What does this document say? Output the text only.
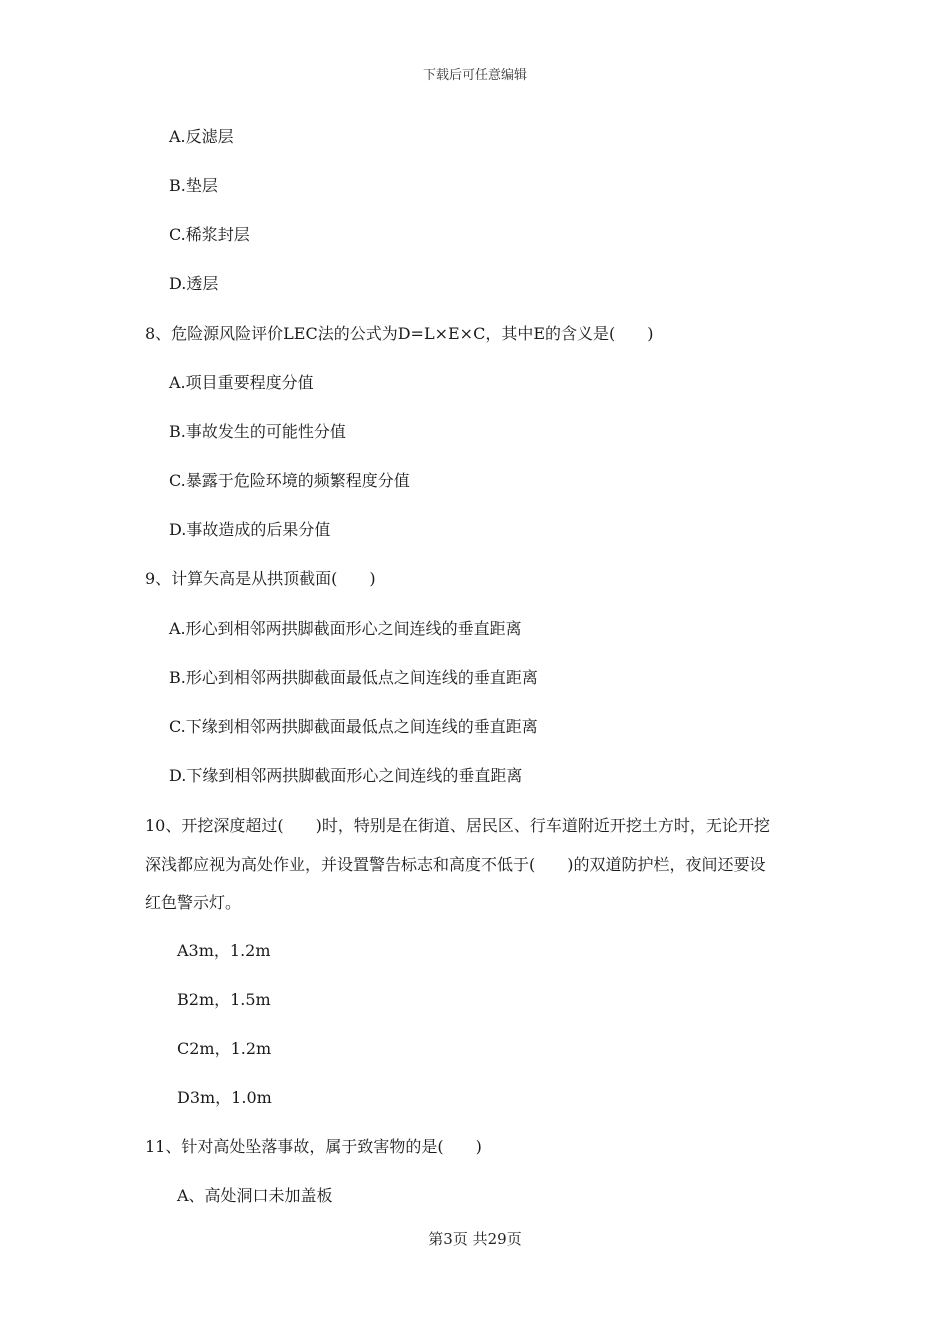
下载后可任意编辑
A.反滤层
B.垫层
C.稀浆封层
D.透层
8、危险源风险评价LEC法的公式为D=L×E×C，其中E的含义是(　　)
A.项目重要程度分值
B.事故发生的可能性分值
C.暴露于危险环境的频繁程度分值
D.事故造成的后果分值
9、计算矢高是从拱顶截面(　　)
A.形心到相邻两拱脚截面形心之间连线的垂直距离
B.形心到相邻两拱脚截面最低点之间连线的垂直距离
C.下缘到相邻两拱脚截面最低点之间连线的垂直距离
D.下缘到相邻两拱脚截面形心之间连线的垂直距离
10、开挖深度超过(　　)时，特别是在街道、居民区、行车道附近开挖土方时，无论开挖
深浅都应视为高处作业，并设置警告标志和高度不低于(　　)的双道防护栏，夜间还要设
红色警示灯。
A3m，1.2m
B2m，1.5m
C2m，1.2m
D3m，1.0m
11、针对高处坠落事故，属于致害物的是(　　)
A、高处洞口未加盖板
第3页 共29页
